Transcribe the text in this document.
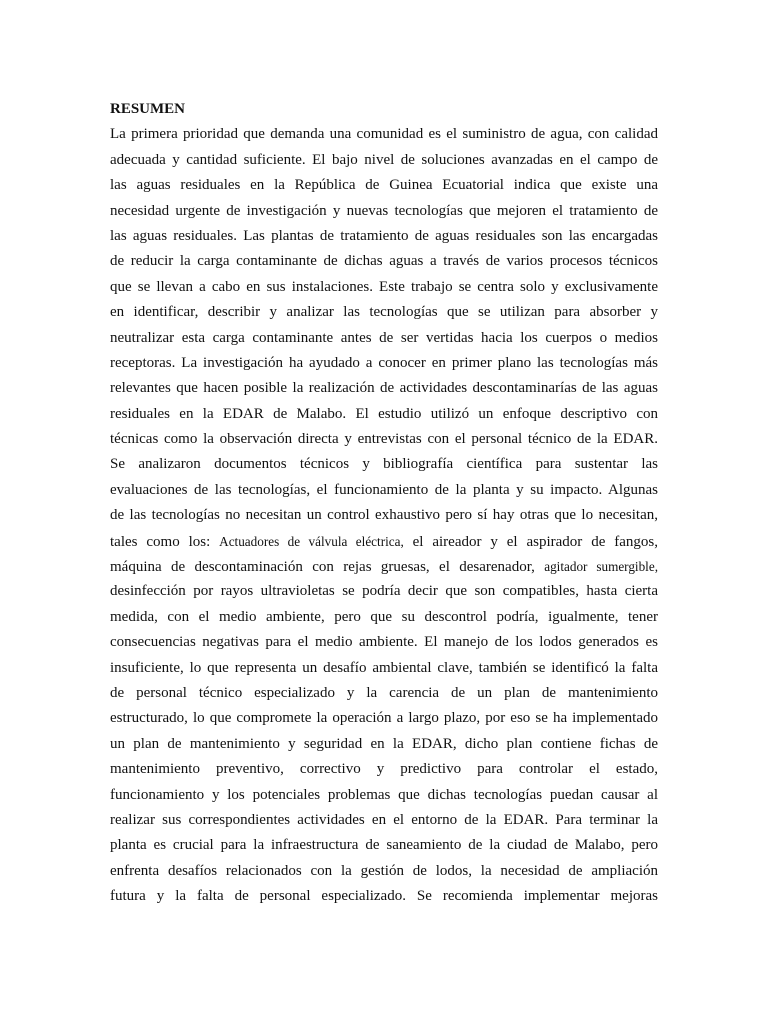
RESUMEN
La primera prioridad que demanda una comunidad es el suministro de agua, con calidad
adecuada y cantidad suficiente. El bajo nivel de soluciones avanzadas en el campo de
las aguas residuales en la República de Guinea Ecuatorial indica que existe una
necesidad urgente de investigación y nuevas tecnologías que mejoren el tratamiento de
las aguas residuales. Las plantas de tratamiento de aguas residuales son las encargadas
de reducir la carga contaminante de dichas aguas a través de varios procesos técnicos
que se llevan a cabo en sus instalaciones. Este trabajo se centra solo y exclusivamente
en identificar, describir y analizar las tecnologías que se utilizan para absorber y
neutralizar esta carga contaminante antes de ser vertidas hacia los cuerpos o medios
receptoras. La investigación ha ayudado a conocer en primer plano las tecnologías más
relevantes que hacen posible la realización de actividades descontaminarías de las aguas
residuales en la EDAR de Malabo. El estudio utilizó un enfoque descriptivo con
técnicas como la observación directa y entrevistas con el personal técnico de la EDAR.
Se analizaron documentos técnicos y bibliografía científica para sustentar las
evaluaciones de las tecnologías, el funcionamiento de la planta y su impacto. Algunas
de las tecnologías no necesitan un control exhaustivo pero sí hay otras que lo necesitan,
tales como los: Actuadores de válvula eléctrica, el aireador y el aspirador de fangos,
máquina de descontaminación con rejas gruesas, el desarenador, agitador sumergible,
desinfección por rayos ultravioletas se podría decir que son compatibles, hasta cierta
medida, con el medio ambiente, pero que su descontrol podría, igualmente, tener
consecuencias negativas para el medio ambiente. El manejo de los lodos generados es
insuficiente, lo que representa un desafío ambiental clave, también se identificó la falta
de personal técnico especializado y la carencia de un plan de mantenimiento
estructurado, lo que compromete la operación a largo plazo, por eso se ha implementado
un plan de mantenimiento y seguridad en la EDAR, dicho plan contiene fichas de
mantenimiento preventivo, correctivo y predictivo para controlar el estado,
funcionamiento y los potenciales problemas que dichas tecnologías puedan causar al
realizar sus correspondientes actividades en el entorno de la EDAR. Para terminar la
planta es crucial para la infraestructura de saneamiento de la ciudad de Malabo, pero
enfrenta desafíos relacionados con la gestión de lodos, la necesidad de ampliación
futura y la falta de personal especializado. Se recomienda implementar mejoras
